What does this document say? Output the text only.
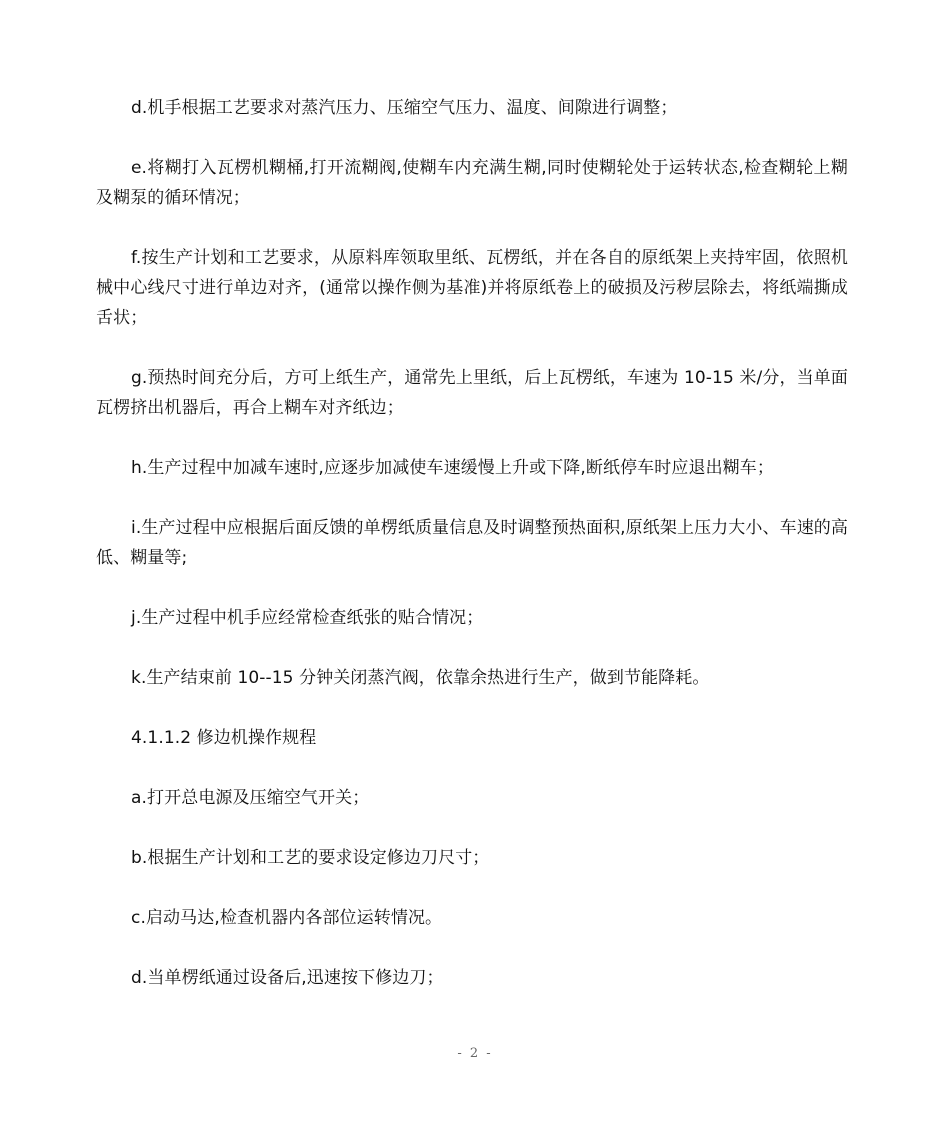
d.机手根据工艺要求对蒸汽压力、压缩空气压力、温度、间隙进行调整；

e.将糊打入瓦楞机糊桶,打开流糊阀,使糊车内充满生糊,同时使糊轮处于运转状态,检查糊轮上糊及糊泵的循环情况；

f.按生产计划和工艺要求，从原料库领取里纸、瓦楞纸，并在各自的原纸架上夹持牢固，依照机械中心线尺寸进行单边对齐，(通常以操作侧为基准)并将原纸卷上的破损及污秽层除去，将纸端撕成舌状；

g.预热时间充分后，方可上纸生产，通常先上里纸，后上瓦楞纸，车速为 10-15 米/分，当单面瓦楞挤出机器后，再合上糊车对齐纸边；

h.生产过程中加减车速时,应逐步加减使车速缓慢上升或下降,断纸停车时应退出糊车；

i.生产过程中应根据后面反馈的单楞纸质量信息及时调整预热面积,原纸架上压力大小、车速的高低、糊量等;

j.生产过程中机手应经常检查纸张的贴合情况；

k.生产结束前 10--15 分钟关闭蒸汽阀，依靠余热进行生产，做到节能降耗。

4.1.1.2 修边机操作规程

a.打开总电源及压缩空气开关；

b.根据生产计划和工艺的要求设定修边刀尺寸；

c.启动马达,检查机器内各部位运转情况。

d.当单楞纸通过设备后,迅速按下修边刀；

- 2 -
